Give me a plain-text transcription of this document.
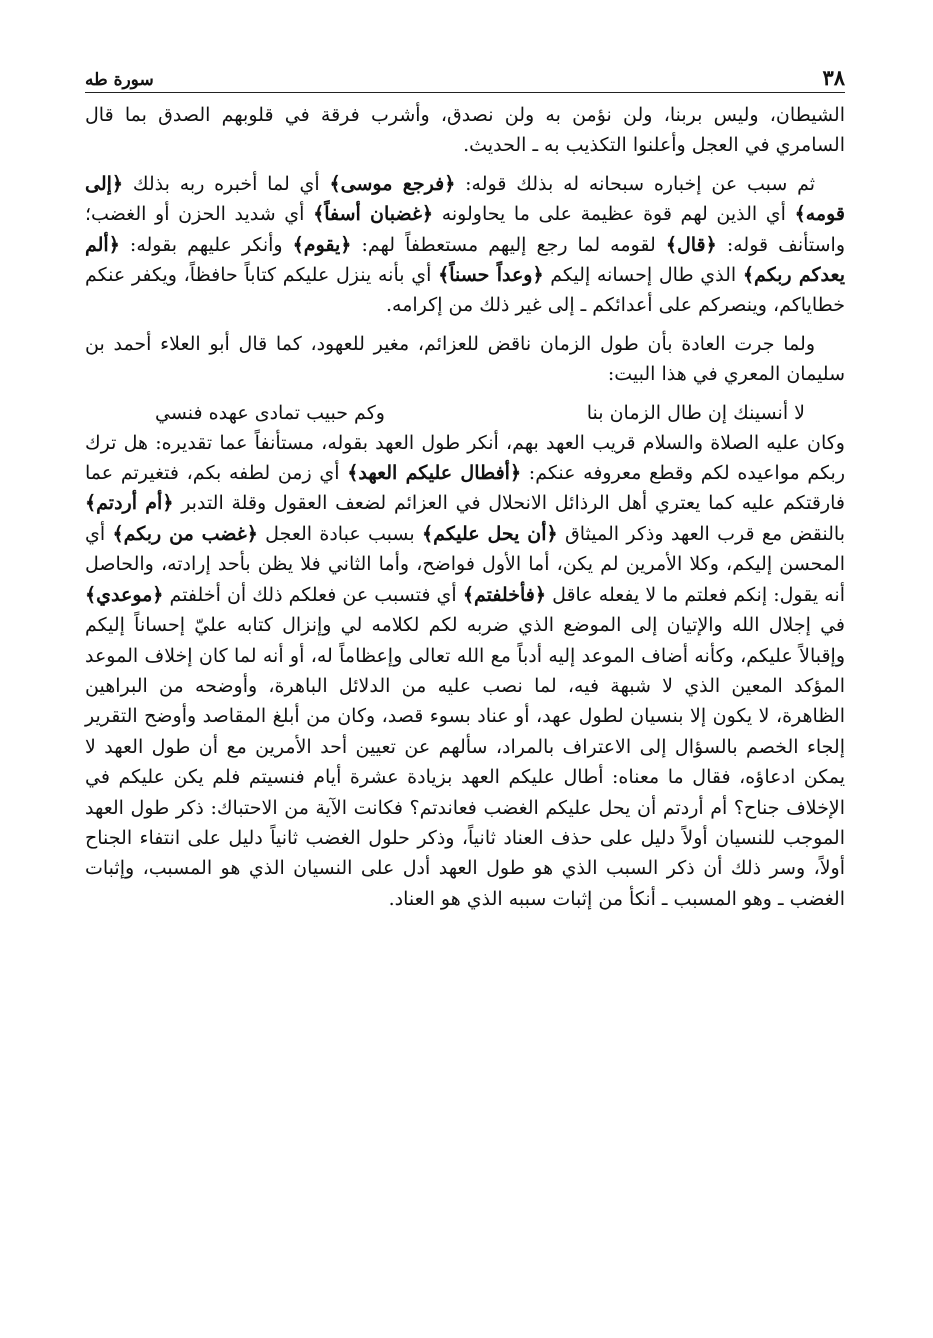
٣٨
سورة طه

الشيطان، وليس بربنا، ولن نؤمن به ولن نصدق، وأشرب فرقة في قلوبهم الصدق بما قال السامري في العجل وأعلنوا التكذيب به ـ الحديث.

ثم سبب عن إخباره سبحانه له بذلك قوله: ﴿فرجع موسى﴾ أي لما أخبره ربه بذلك ﴿إلى قومه﴾ أي الذين لهم قوة عظيمة على ما يحاولونه ﴿غضبان أسفاً﴾ أي شديد الحزن أو الغضب؛ واستأنف قوله: ﴿قال﴾ لقومه لما رجع إليهم مستعطفاً لهم: ﴿يقوم﴾ وأنكر عليهم بقوله: ﴿ألم يعدكم ربكم﴾ الذي طال إحسانه إليكم ﴿وعداً حسناً﴾ أي بأنه ينزل عليكم كتاباً حافظاً، ويكفر عنكم خطاياكم، وينصركم على أعدائكم ـ إلى غير ذلك من إكرامه.

ولما جرت العادة بأن طول الزمان ناقض للعزائم، مغير للعهود، كما قال أبو العلاء أحمد بن سليمان المعري في هذا البيت:

لا أنسينك إن طال الزمان بنا
وكم حبيب تمادى عهده فنسي

وكان عليه الصلاة والسلام قريب العهد بهم، أنكر طول العهد بقوله، مستأنفاً عما تقديره: هل ترك ربكم مواعيده لكم وقطع معروفه عنكم: ﴿أفطال عليكم العهد﴾ أي زمن لطفه بكم، فتغيرتم عما فارقتكم عليه كما يعتري أهل الرذائل الانحلال في العزائم لضعف العقول وقلة التدبر ﴿أم أردتم﴾ بالنقض مع قرب العهد وذكر الميثاق ﴿أن يحل عليكم﴾ بسبب عبادة العجل ﴿غضب من ربكم﴾ أي المحسن إليكم، وكلا الأمرين لم يكن، أما الأول فواضح، وأما الثاني فلا يظن بأحد إرادته، والحاصل أنه يقول: إنكم فعلتم ما لا يفعله عاقل ﴿فأخلفتم﴾ أي فتسبب عن فعلكم ذلك أن أخلفتم ﴿موعدي﴾ في إجلال الله والإتيان إلى الموضع الذي ضربه لكم لكلامه لي وإنزال كتابه عليّ إحساناً إليكم وإقبالاً عليكم، وكأنه أضاف الموعد إليه أدباً مع الله تعالى وإعظاماً له، أو أنه لما كان إخلاف الموعد المؤكد المعين الذي لا شبهة فيه، لما نصب عليه من الدلائل الباهرة، وأوضحه من البراهين الظاهرة، لا يكون إلا بنسيان لطول عهد، أو عناد بسوء قصد، وكان من أبلغ المقاصد وأوضح التقرير إلجاء الخصم بالسؤال إلى الاعتراف بالمراد، سألهم عن تعيين أحد الأمرين مع أن طول العهد لا يمكن ادعاؤه، فقال ما معناه: أطال عليكم العهد بزيادة عشرة أيام فنسيتم فلم يكن عليكم في الإخلاف جناح؟ أم أردتم أن يحل عليكم الغضب فعاندتم؟ فكانت الآية من الاحتباك: ذكر طول العهد الموجب للنسيان أولاً دليل على حذف العناد ثانياً، وذكر حلول الغضب ثانياً دليل على انتفاء الجناح أولاً، وسر ذلك أن ذكر السبب الذي هو طول العهد أدل على النسيان الذي هو المسبب، وإثبات الغضب ـ وهو المسبب ـ أنكأ من إثبات سببه الذي هو العناد.
